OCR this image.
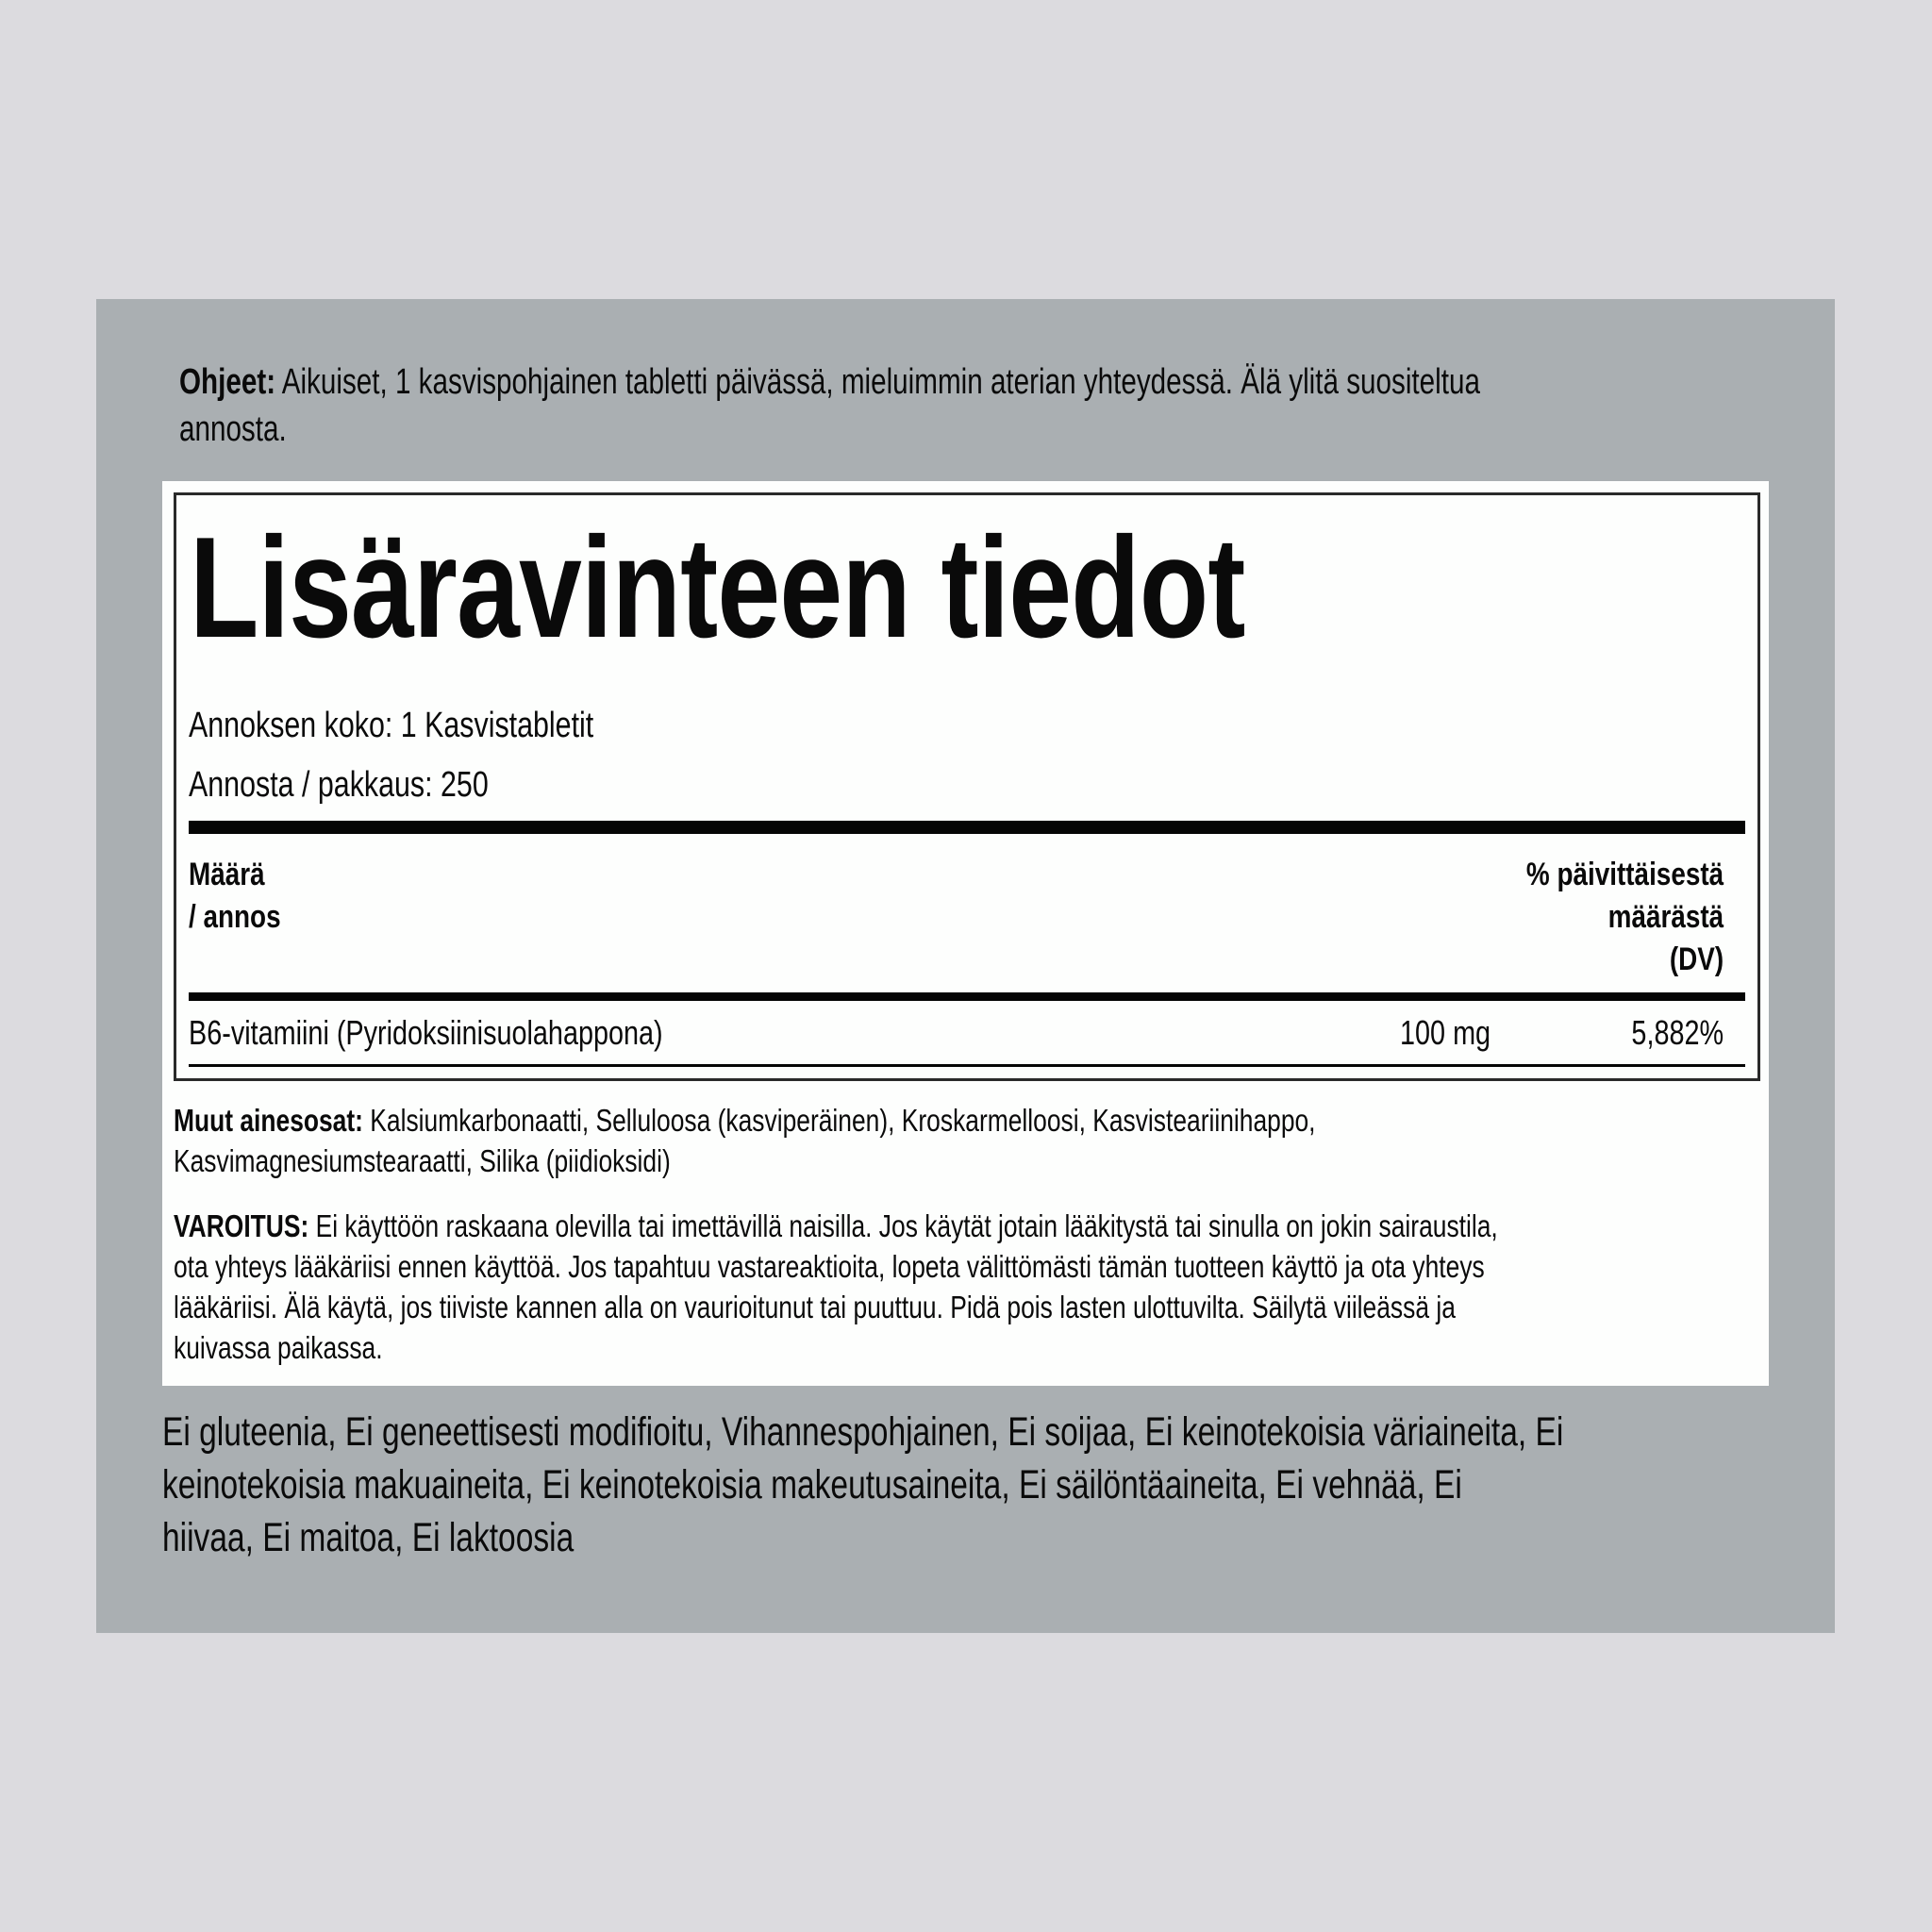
Ohjeet: Aikuiset, 1 kasvispohjainen tabletti päivässä, mieluimmin aterian yhteydessä. Älä ylitä suositeltua
annosta.
Lisäravinteen tiedot
Annoksen koko: 1 Kasvistabletit
Annosta / pakkaus: 250
Määrä
/ annos
% päivittäisestä
määrästä
(DV)
B6-vitamiini (Pyridoksiinisuolahappona)	100 mg	5,882%
Muut ainesosat: Kalsiumkarbonaatti, Selluloosa (kasviperäinen), Kroskarmelloosi, Kasvisteariinihappo,
Kasvimagnesiumstearaatti, Silika (piidioksidi)
VAROITUS: Ei käyttöön raskaana olevilla tai imettävillä naisilla. Jos käytät jotain lääkitystä tai sinulla on jokin sairaustila,
ota yhteys lääkäriisi ennen käyttöä. Jos tapahtuu vastareaktioita, lopeta välittömästi tämän tuotteen käyttö ja ota yhteys
lääkäriisi. Älä käytä, jos tiiviste kannen alla on vaurioitunut tai puuttuu. Pidä pois lasten ulottuvilta. Säilytä viileässä ja
kuivassa paikassa.
Ei gluteenia, Ei geneettisesti modifioitu, Vihannespohjainen, Ei soijaa, Ei keinotekoisia väriaineita, Ei
keinotekoisia makuaineita, Ei keinotekoisia makeutusaineita, Ei säilöntäaineita, Ei vehnää, Ei
hiivaa, Ei maitoa, Ei laktoosia
